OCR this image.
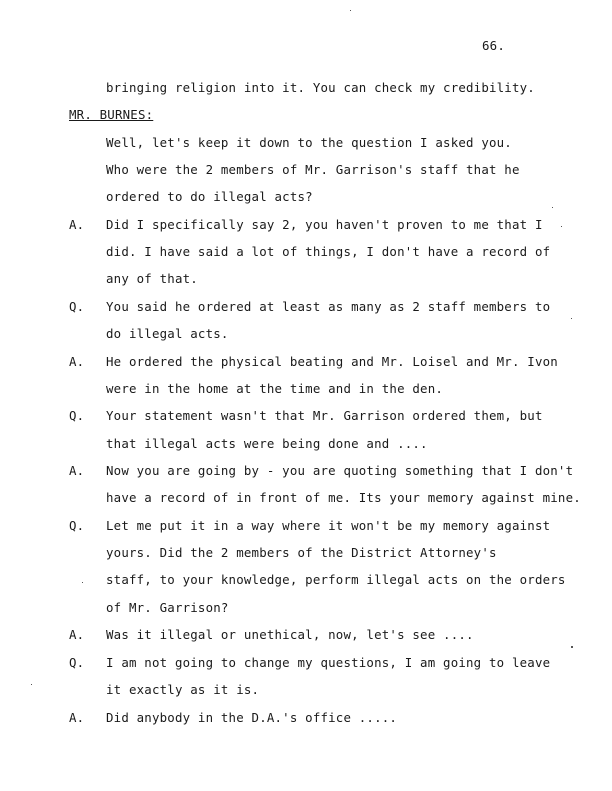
66.
bringing religion into it. You can check my credibility.
MR. BURNES:
Well, let's keep it down to the question I asked you.
Who were the 2 members of Mr. Garrison's staff that he
ordered to do illegal acts?
A. Did I specifically say 2, you haven't proven to me that I
did. I have said a lot of things, I don't have a record of
any of that.
Q. You said he ordered at least as many as 2 staff members to
do illegal acts.
A. He ordered the physical beating and Mr. Loisel and Mr. Ivon
were in the home at the time and in the den.
Q. Your statement wasn't that Mr. Garrison ordered them, but
that illegal acts were being done and ....
A. Now you are going by - you are quoting something that I don't
have a record of in front of me. Its your memory against mine.
Q. Let me put it in a way where it won't be my memory against
yours. Did the 2 members of the District Attorney's
staff, to your knowledge, perform illegal acts on the orders
of Mr. Garrison?
A. Was it illegal or unethical, now, let's see ....
Q. I am not going to change my questions, I am going to leave
it exactly as it is.
A. Did anybody in the D.A.'s office .....
